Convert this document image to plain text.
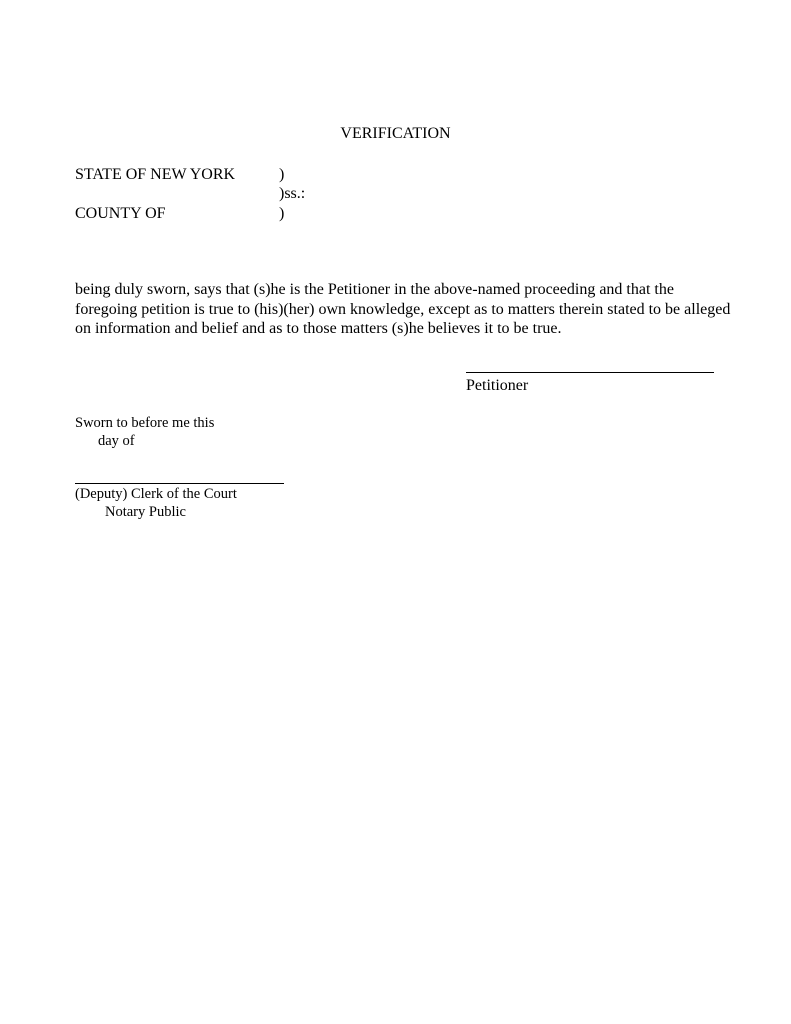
VERIFICATION
STATE OF NEW YORK	)
)ss.:
COUNTY OF	)
being duly sworn, says that (s)he is the Petitioner in the above-named proceeding and that the foregoing petition is true to (his)(her) own knowledge, except as to matters therein stated to be alleged on information and belief and as to those matters (s)he believes it to be true.
Petitioner
Sworn to before me this
day of
(Deputy) Clerk of the Court
Notary Public
